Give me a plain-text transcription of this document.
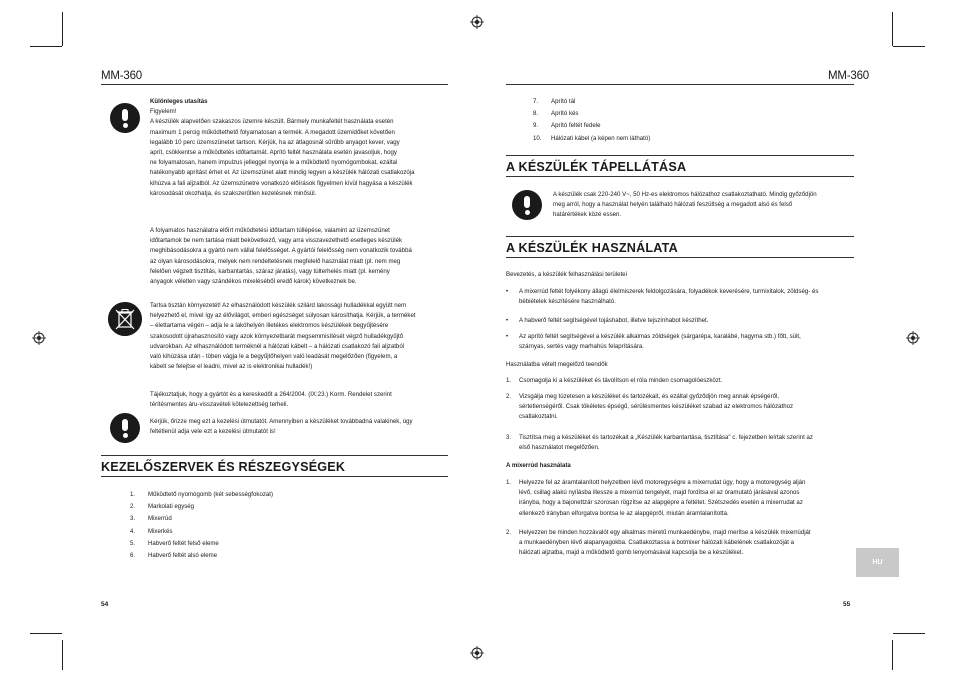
MM-360

Különleges utasítás

Figyelem!

A készülék alapvetően szakaszos üzemre készült. Bármely munkafeltét használata esetén

maximum 1 percig működtethető folyamatosan a termék. A megadott üzemidőket követően

legalább 10 perc üzemszünetet tartson. Kérjük, ha az átlagosnál sűrűbb anyagot kever, vagy

aprít, csökkentse a működtetés időtartamát. Aprító feltét használata esetén javasoljuk, hogy

ne folyamatosan, hanem impulzus jelleggel nyomja le a működtető nyomógombokat, ezáltal

hatékonyabb aprítást érhet el. Az üzemszünet alatt mindig legyen a készülék hálózati csatlakozója

kihúzva a fali aljzatból. Az üzemszünetre vonatkozó előírások figyelmen kívül hagyása a készülék

károsodását okozhatja, és szakszerűtlen kezelésnek minősül.

A folyamatos használatra előírt működtetési időtartam túllépése, valamint az üzemszünet

időtartamok be nem tartása miatt bekövetkező, vagy arra visszavezethető esetleges készülék

meghibásodásokra a gyártó nem vállal felelősséget. A gyártói felelősség nem vonatkozik továbbá

az olyan károsodásokra, melyek nem rendeltetésnek megfelelő használat miatt (pl. nem meg

felelően végzett tisztítás, karbantartás, száraz járatás), vagy túlterhelés miatt (pl. kemény

anyagok véletlen vagy szándékos mixeléséből eredő károk) következnek be.

Tartsa tisztán környezetét! Az elhasználódott készülék szilárd lakossági hulladékkal együtt nem

helyezhető el, mivel így az élővilágot, emberi egészséget súlyosan károsíthatja. Kérjük, a terméket

– élettartama végén – adja le a lakóhelyén illetékes elektromos készülékek begyűjtésére

szakosodott újrahasznosító vagy azok környezetbarát megsemmisítését végző hulladékgyűjtő

udvarokban. Az elhasználódott terméknél a hálózati kábelt – a hálózati csatlakozó fali aljzatból

való kihúzása után - töben vágja le a begyűjtőhelyen való leadását megelőzően (figyelem, a

kábelt se felejtse el leadni, mivel az is elektronikai hulladék!)

Tájékoztatjuk, hogy a gyártót és a kereskedőt a 264/2004. (IX:23.) Korm. Rendelet szerint

térítésmentes áru-visszavételi kötelezettség terheli.

Kérjük, őrizze meg ezt a kezelési útmutatót. Amennyiben a készüléket továbbadná valakinek, úgy

feltétlenül adja vele ezt a kezelési útmutatót is!

KEZELŐSZERVEK ÉS RÉSZEGYSÉGEK
1. Működtető nyomógomb (két sebességfokozat)
2. Markolati egység
3. Mixerrúd
4. Mixerkés
5. Habverő feltét felső eleme
6. Habverő feltét alsó eleme
54
MM-360
7. Aprító tál
8. Aprító kés
9. Aprító feltét fedele
10. Hálózati kábel (a képen nem látható)
A KÉSZÜLÉK TÁPELLÁTÁSA

A készülék csak 220-240 V~, 50 Hz-es elektromos hálózathoz csatlakoztatható. Mindig győződjön

meg arról, hogy a használat helyén található hálózati feszültség a megadott alsó és felső

határértékek közé essen.

A KÉSZÜLÉK HASZNÁLATA
Bevezetés, a készülék felhasználási területei
• A mixerrúd feltét folyékony állagú élelmiszerek feldolgozására, folyadékok keverésére, turmixitalok, zöldség- és

bébiételek készítésére használható.

• A habverő feltét segítségével tojáshabot, illetve tejszínhabot készíthet.

• Az aprító feltét segítségével a készülék alkalmas zöldségek (sárgarépa, karalábé, hagyma stb.) főtt, sült,

szárnyas, sertés vagy marhahús felaprítására.

Használatba vételt megelőző teendők
1. Csomagolja ki a készüléket és távolítson el róla minden csomagolóeszközt.

2. Vizsgálja meg tüzetesen a készüléket és tartozékait, és ezáltal győződjön meg annak épségéről,

sértetlenségéről. Csak tökéletes épségű, sérülésmentes készüléket szabad az elektromos hálózathoz

csatlakoztatni.

3. Tisztítsa meg a készüléket és tartozékait a „Készülék karbantartása, tisztítása" c. fejezetben leírtak szerint az

első használatot megelőzően.

A mixerrúd használata
1. Helyezze fel az áramtalanított helyzetben lévő motoregységre a mixerrudat úgy, hogy a motoregység alján

lévő, csillag alakú nyílásba illessze a mixerrúd tengelyét, majd fordítsa el az óramutató járásával azonos

irányba, hogy a bajonettzár szorosan rögzítse az alapgépre a feltétet. Szétszedés esetén a mixerrudat az

ellenkező irányban elforgatva bontsa le az alapgépről, miután áramtalanította.

2. Helyezzen be minden hozzávalót egy alkalmas méretű munkaedénybe, majd merítse a készülék mixerrúdját

a munkaedényben lévő alapanyagokba. Csatlakoztassa a botmixer hálózati kábelének csatlakozóját a

hálózati aljzatba, majd a működtető gomb lenyomásával kapcsolja be a készüléket.

55
HU
